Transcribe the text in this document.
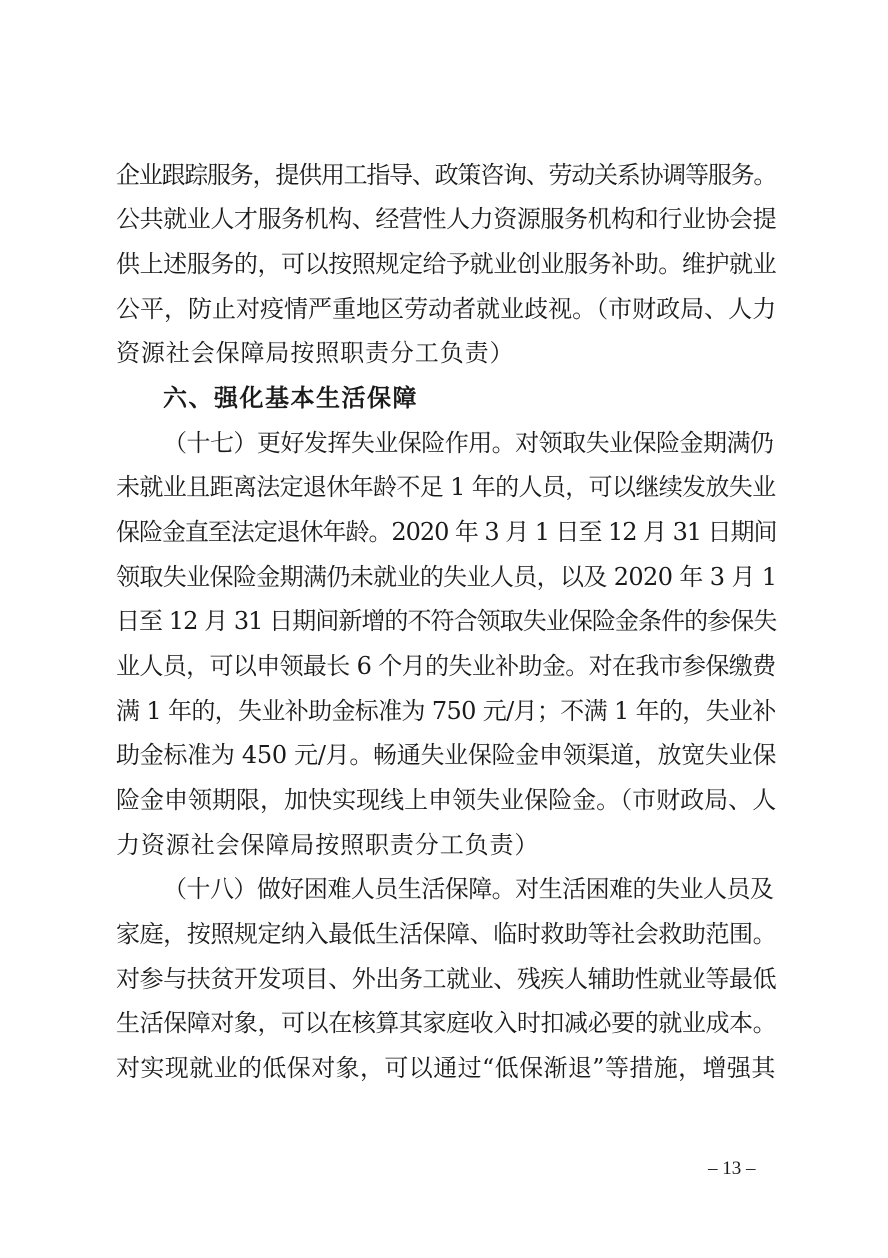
企业跟踪服务，提供用工指导、政策咨询、劳动关系协调等服务。
公共就业人才服务机构、经营性人力资源服务机构和行业协会提
供上述服务的，可以按照规定给予就业创业服务补助。维护就业
公平，防止对疫情严重地区劳动者就业歧视。（市财政局、人力
资源社会保障局按照职责分工负责）
六、强化基本生活保障
（十七）更好发挥失业保险作用。对领取失业保险金期满仍
未就业且距离法定退休年龄不足 1 年的人员，可以继续发放失业
保险金直至法定退休年龄。2020 年 3 月 1 日至 12 月 31 日期间
领取失业保险金期满仍未就业的失业人员，以及 2020 年 3 月 1
日至 12 月 31 日期间新增的不符合领取失业保险金条件的参保失
业人员，可以申领最长 6 个月的失业补助金。对在我市参保缴费
满 1 年的，失业补助金标准为 750 元/月；不满 1 年的，失业补
助金标准为 450 元/月。畅通失业保险金申领渠道，放宽失业保
险金申领期限，加快实现线上申领失业保险金。（市财政局、人
力资源社会保障局按照职责分工负责）
（十八）做好困难人员生活保障。对生活困难的失业人员及
家庭，按照规定纳入最低生活保障、临时救助等社会救助范围。
对参与扶贫开发项目、外出务工就业、残疾人辅助性就业等最低
生活保障对象，可以在核算其家庭收入时扣减必要的就业成本。
对实现就业的低保对象，可以通过“低保渐退”等措施，增强其
– 13 –
